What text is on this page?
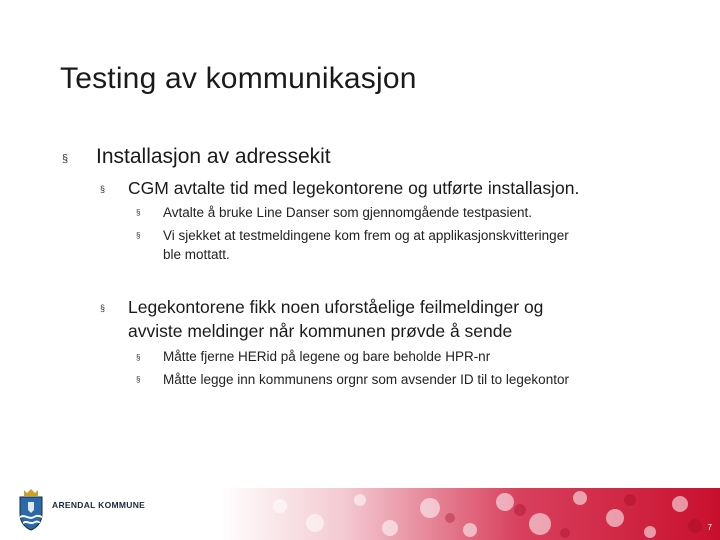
Testing av kommunikasjon
§ Installasjon av adressekit
§ CGM avtalte tid med legekontorene og utførte installasjon.
§ Avtalte å bruke Line Danser som gjennomgående testpasient.
§ Vi sjekket at testmeldingene kom frem og at applikasjonskvitteringer
ble mottatt.
§ Legekontorene fikk noen uforståelige feilmeldinger og
avviste meldinger når kommunen prøvde å sende
§ Måtte fjerne HERid på legene og bare beholde HPR-nr
§ Måtte legge inn kommunens orgnr som avsender ID til to legekontor
ARENDAL KOMMUNE
7
